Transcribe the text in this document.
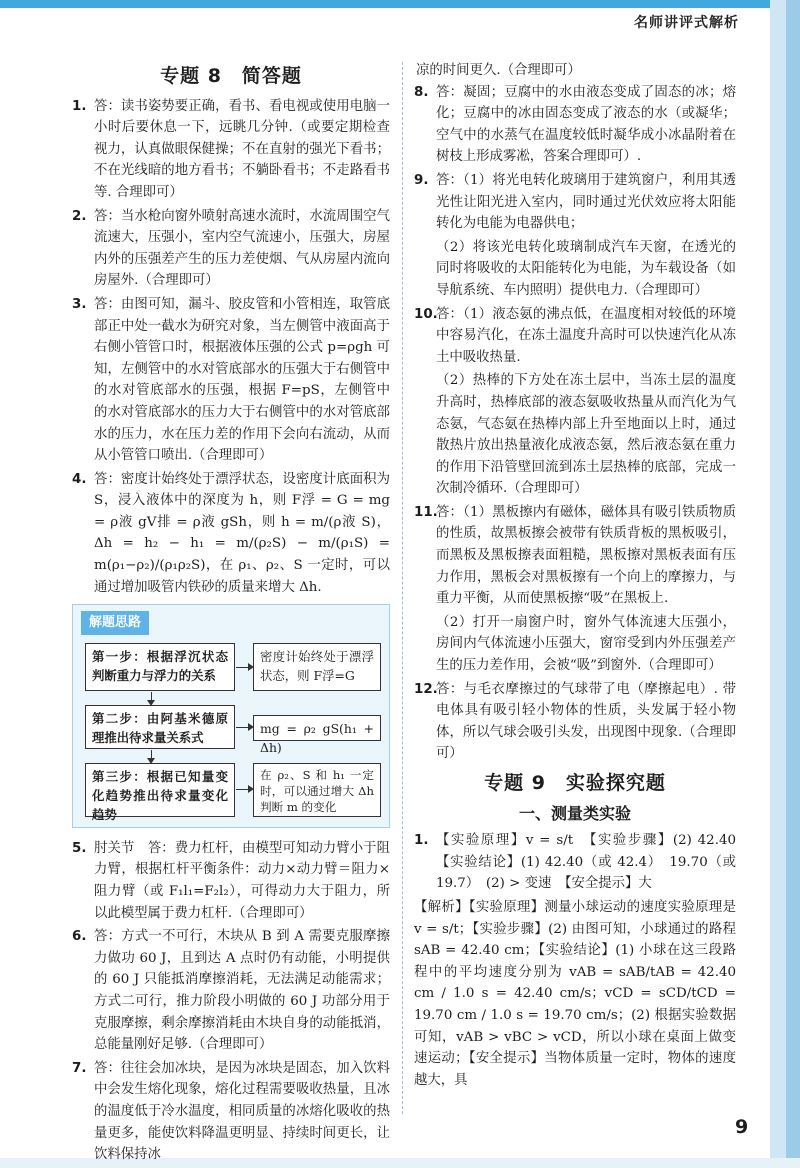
名师讲评式解析
专题 8　简答题
1. 答：读书姿势要正确，看书、看电视或使用电脑一小时后要休息一下，远眺几分钟.（或要定期检查视力，认真做眼保健操；不在直射的强光下看书；不在光线暗的地方看书；不躺卧看书；不走路看书等. 合理即可）
2. 答：当水枪向窗外喷射高速水流时，水流周围空气流速大，压强小，室内空气流速小，压强大，房屋内外的压强差产生的压力差使烟、气从房屋内流向房屋外.（合理即可）
3. 答：由图可知，漏斗、胶皮管和小管相连，取管底部正中处一截水为研究对象，当左侧管中液面高于右侧小管管口时，根据液体压强的公式 p=ρgh 可知，左侧管中的水对管底部水的压强大于右侧管中的水对管底部水的压强，根据 F=pS，左侧管中的水对管底部水的压力大于右侧管中的水对管底部水的压力，水在压力差的作用下会向右流动，从而从小管管口喷出.（合理即可）
4. 答：密度计始终处于漂浮状态，设密度计底面积为 S，浸入液体中的深度为 h，则 F浮 = G = mg = ρ液 gV排 = ρ液 gSh，则 h = m/(ρ液 S)，Δh = h₂ − h₁ = m/(ρ₂S) − m/(ρ₁S) = m(ρ₁−ρ₂)/(ρ₁ρ₂S)，在 ρ₁、ρ₂、S 一定时，可以通过增加吸管内铁砂的质量来增大 Δh.
解题思路
第一步：根据浮沉状态判断重力与浮力的关系
密度计始终处于漂浮状态，则 F浮=G
第二步：由阿基米德原理推出待求量关系式
mg = ρ₂ gS(h₁ + Δh)
第三步：根据已知量变化趋势推出待求量变化趋势
在 ρ₂、S 和 h₁ 一定时，可以通过增大 Δh 判断 m 的变化
5. 肘关节　答：费力杠杆，由模型可知动力臂小于阻力臂，根据杠杆平衡条件：动力×动力臂＝阻力×阻力臂（或 F₁l₁=F₂l₂），可得动力大于阻力，所以此模型属于费力杠杆.（合理即可）
6. 答：方式一不可行，木块从 B 到 A 需要克服摩擦力做功 60 J，且到达 A 点时仍有动能，小明提供的 60 J 只能抵消摩擦消耗，无法满足动能需求；方式二可行，推力阶段小明做的 60 J 功部分用于克服摩擦，剩余摩擦消耗由木块自身的动能抵消，总能量刚好足够.（合理即可）
7. 答：往往会加冰块，是因为冰块是固态，加入饮料中会发生熔化现象，熔化过程需要吸收热量，且冰的温度低于冷水温度，相同质量的冰熔化吸收的热量更多，能使饮料降温更明显、持续时间更长，让饮料保持冰
凉的时间更久.（合理即可）
8. 答：凝固；豆腐中的水由液态变成了固态的冰；熔化；豆腐中的冰由固态变成了液态的水（或凝华；空气中的水蒸气在温度较低时凝华成小冰晶附着在树枝上形成雾凇，答案合理即可）.
9. 答：（1）将光电转化玻璃用于建筑窗户，利用其透光性让阳光进入室内，同时通过光伏效应将太阳能转化为电能为电器供电；
（2）将该光电转化玻璃制成汽车天窗，在透光的同时将吸收的太阳能转化为电能，为车载设备（如导航系统、车内照明）提供电力.（合理即可）
10.
答：（1）液态氨的沸点低，在温度相对较低的环境中容易汽化，在冻土温度升高时可以快速汽化从冻土中吸收热量.
（2）热棒的下方处在冻土层中，当冻土层的温度升高时，热棒底部的液态氨吸收热量从而汽化为气态氨，气态氨在热棒内部上升至地面以上时，通过散热片放出热量液化成液态氨，然后液态氨在重力的作用下沿管壁回流到冻土层热棒的底部，完成一次制冷循环.（合理即可）
11.
答：（1）黑板擦内有磁体，磁体具有吸引铁质物质的性质，故黑板擦会被带有铁质背板的黑板吸引，而黑板及黑板擦表面粗糙，黑板擦对黑板表面有压力作用，黑板会对黑板擦有一个向上的摩擦力，与重力平衡，从而使黑板擦“吸”在黑板上.
（2）打开一扇窗户时，窗外气体流速大压强小，房间内气体流速小压强大，窗帘受到内外压强差产生的压力差作用，会被“吸”到窗外.（合理即可）
12.
答：与毛衣摩擦过的气球带了电（摩擦起电）. 带电体具有吸引轻小物体的性质，头发属于轻小物体，所以气球会吸引头发，出现图中现象.（合理即可）
专题 9　实验探究题
一、测量类实验
1. 【实验原理】v = s/t　【实验步骤】(2) 42.40　【实验结论】(1) 42.40（或 42.4）　19.70（或 19.7）　(2) > 变速　【安全提示】大
【解析】【实验原理】测量小球运动的速度实验原理是 v = s/t；【实验步骤】(2) 由图可知，小球通过的路程 sAB = 42.40 cm；【实验结论】(1) 小球在这三段路程中的平均速度分别为 vAB = sAB/tAB = 42.40 cm / 1.0 s = 42.40 cm/s；vCD = sCD/tCD = 19.70 cm / 1.0 s = 19.70 cm/s；(2) 根据实验数据可知，vAB > vBC > vCD，所以小球在桌面上做变速运动；【安全提示】当物体质量一定时，物体的速度越大，具
9
